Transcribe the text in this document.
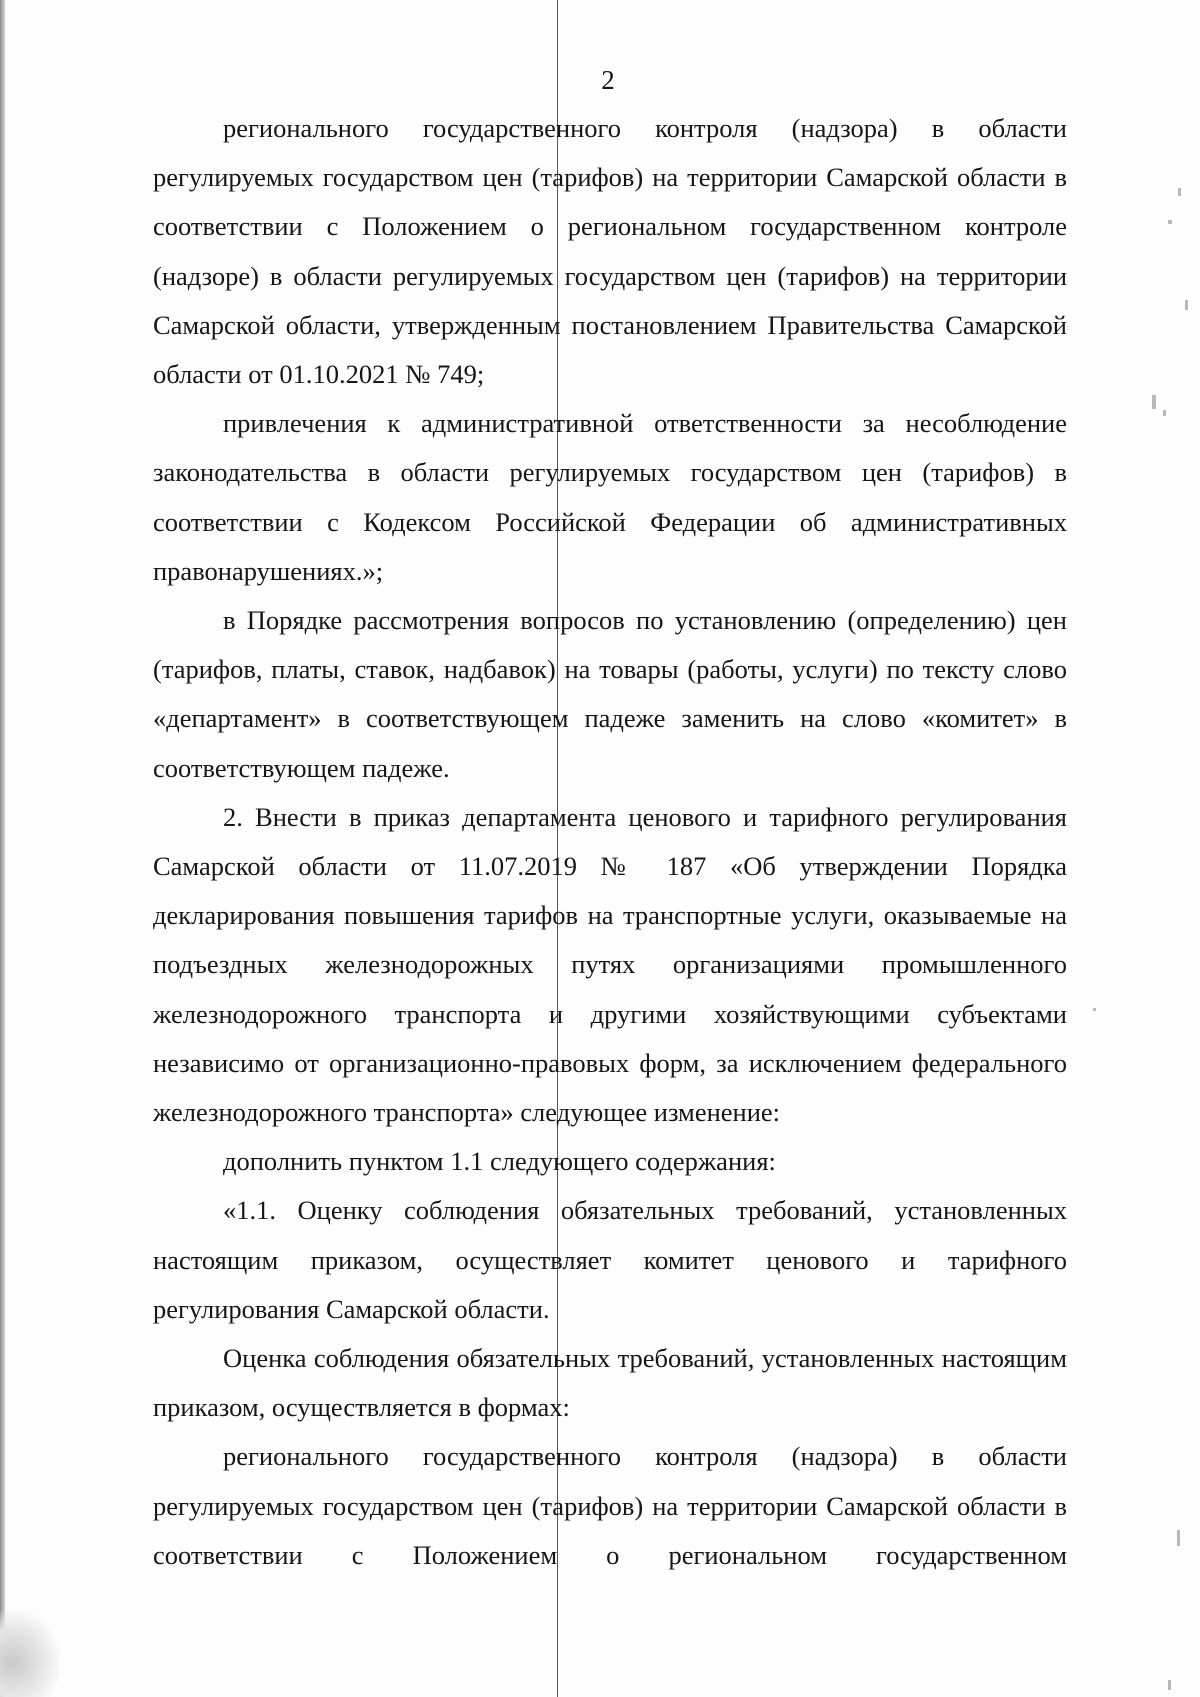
2

регионального государственного контроля (надзора) в области регулируемых государством цен (тарифов) на территории Самарской области в соответствии с Положением о региональном государственном контроле (надзоре) в области регулируемых государством цен (тарифов) на территории Самарской области, утвержденным постановлением Правительства Самарской области от 01.10.2021 № 749;

привлечения к административной ответственности за несоблюдение законодательства в области регулируемых государством цен (тарифов) в соответствии с Кодексом Российской Федерации об административных правонарушениях.»;

в Порядке рассмотрения вопросов по установлению (определению) цен (тарифов, платы, ставок, надбавок) на товары (работы, услуги) по тексту слово «департамент» в соответствующем падеже заменить на слово «комитет» в соответствующем падеже.

2. Внести в приказ департамента ценового и тарифного регулирования Самарской области от 11.07.2019 № 187 «Об утверждении Порядка декларирования повышения тарифов на транспортные услуги, оказываемые на подъездных железнодорожных путях организациями промышленного железнодорожного транспорта и другими хозяйствующими субъектами независимо от организационно-правовых форм, за исключением федерального железнодорожного транспорта» следующее изменение:

дополнить пунктом 1.1 следующего содержания:

«1.1. Оценку соблюдения обязательных требований, установленных настоящим приказом, осуществляет комитет ценового и тарифного регулирования Самарской области.

Оценка соблюдения обязательных требований, установленных настоящим приказом, осуществляется в формах:

регионального государственного контроля (надзора) в области регулируемых государством цен (тарифов) на территории Самарской области в соответствии с Положением о региональном государственном
